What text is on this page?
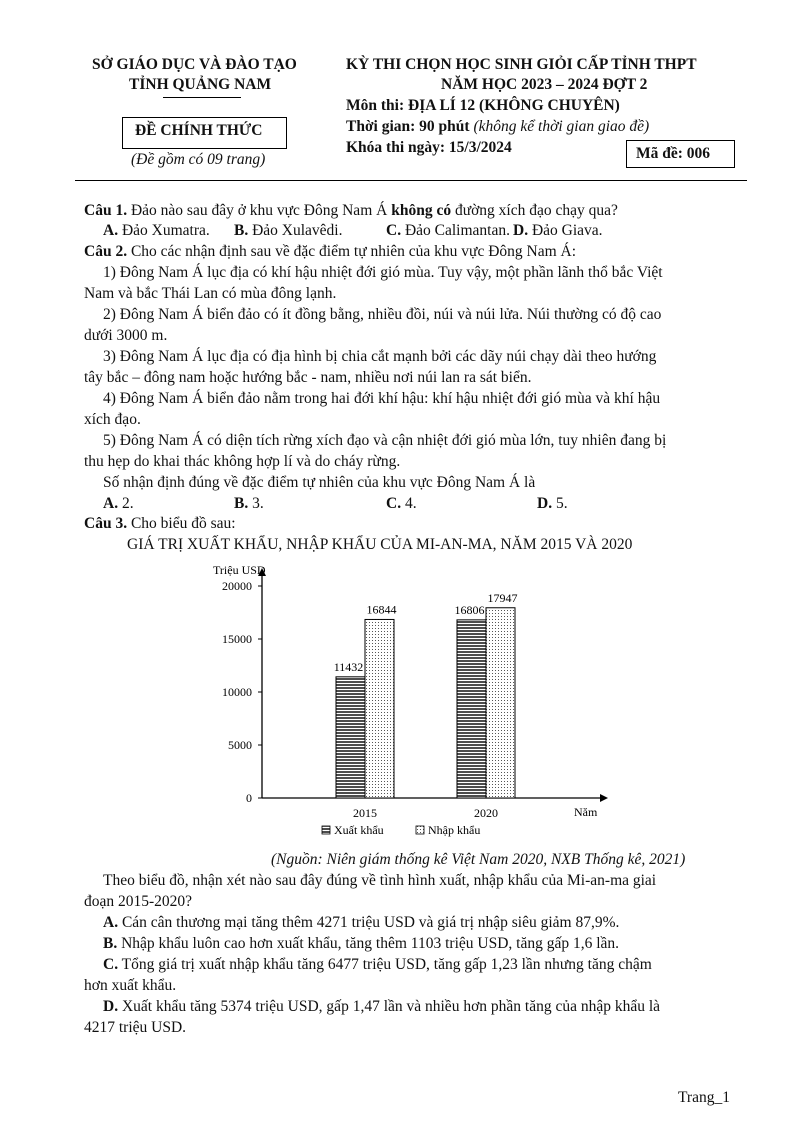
SỞ GIÁO DỤC VÀ ĐÀO TẠO
TỈNH QUẢNG NAM
ĐỀ CHÍNH THỨC
(Đề gồm có 09 trang)
KỲ THI CHỌN HỌC SINH GIỎI CẤP TỈNH THPT
NĂM HỌC 2023 – 2024 ĐỢT 2
Môn thi: ĐỊA LÍ 12 (KHÔNG CHUYÊN)
Thời gian: 90 phút (không kể thời gian giao đề)
Khóa thi ngày: 15/3/2024	Mã đề: 006
Câu 1. Đảo nào sau đây ở khu vực Đông Nam Á không có đường xích đạo chạy qua?
A. Đảo Xumatra. B. Đảo Xulavêdi.	C. Đảo Calimantan. D. Đảo Giava.
Câu 2. Cho các nhận định sau về đặc điểm tự nhiên của khu vực Đông Nam Á:
1) Đông Nam Á lục địa có khí hậu nhiệt đới gió mùa. Tuy vậy, một phần lãnh thổ bắc Việt
Nam và bắc Thái Lan có mùa đông lạnh.
2) Đông Nam Á biển đảo có ít đồng bằng, nhiều đồi, núi và núi lửa. Núi thường có độ cao
dưới 3000 m.
3) Đông Nam Á lục địa có địa hình bị chia cắt mạnh bởi các dãy núi chạy dài theo hướng
tây bắc – đông nam hoặc hướng bắc - nam, nhiều nơi núi lan ra sát biển.
4) Đông Nam Á biển đảo nằm trong hai đới khí hậu: khí hậu nhiệt đới gió mùa và khí hậu
xích đạo.
5) Đông Nam Á có diện tích rừng xích đạo và cận nhiệt đới gió mùa lớn, tuy nhiên đang bị
thu hẹp do khai thác không hợp lí và do cháy rừng.
Số nhận định đúng về đặc điểm tự nhiên của khu vực Đông Nam Á là
A. 2.	B. 3.	C. 4.	D. 5.
Câu 3. Cho biểu đồ sau:
GIÁ TRỊ XUẤT KHẨU, NHẬP KHẨU CỦA MI-AN-MA, NĂM 2015 VÀ 2020
Triệu USD
Năm
0
5000
10000
15000
20000
11432
16844
2015
16806
17947
2020
Xuất khẩu	Nhập khẩu
(Nguồn: Niên giám thống kê Việt Nam 2020, NXB Thống kê, 2021)
Theo biểu đồ, nhận xét nào sau đây đúng về tình hình xuất, nhập khẩu của Mi-an-ma giai
đoạn 2015-2020?
A. Cán cân thương mại tăng thêm 4271 triệu USD và giá trị nhập siêu giảm 87,9%.
B. Nhập khẩu luôn cao hơn xuất khẩu, tăng thêm 1103 triệu USD, tăng gấp 1,6 lần.
C. Tổng giá trị xuất nhập khẩu tăng 6477 triệu USD, tăng gấp 1,23 lần nhưng tăng chậm
hơn xuất khẩu.
D. Xuất khẩu tăng 5374 triệu USD, gấp 1,47 lần và nhiều hơn phần tăng của nhập khẩu là
4217 triệu USD.
Trang_1
